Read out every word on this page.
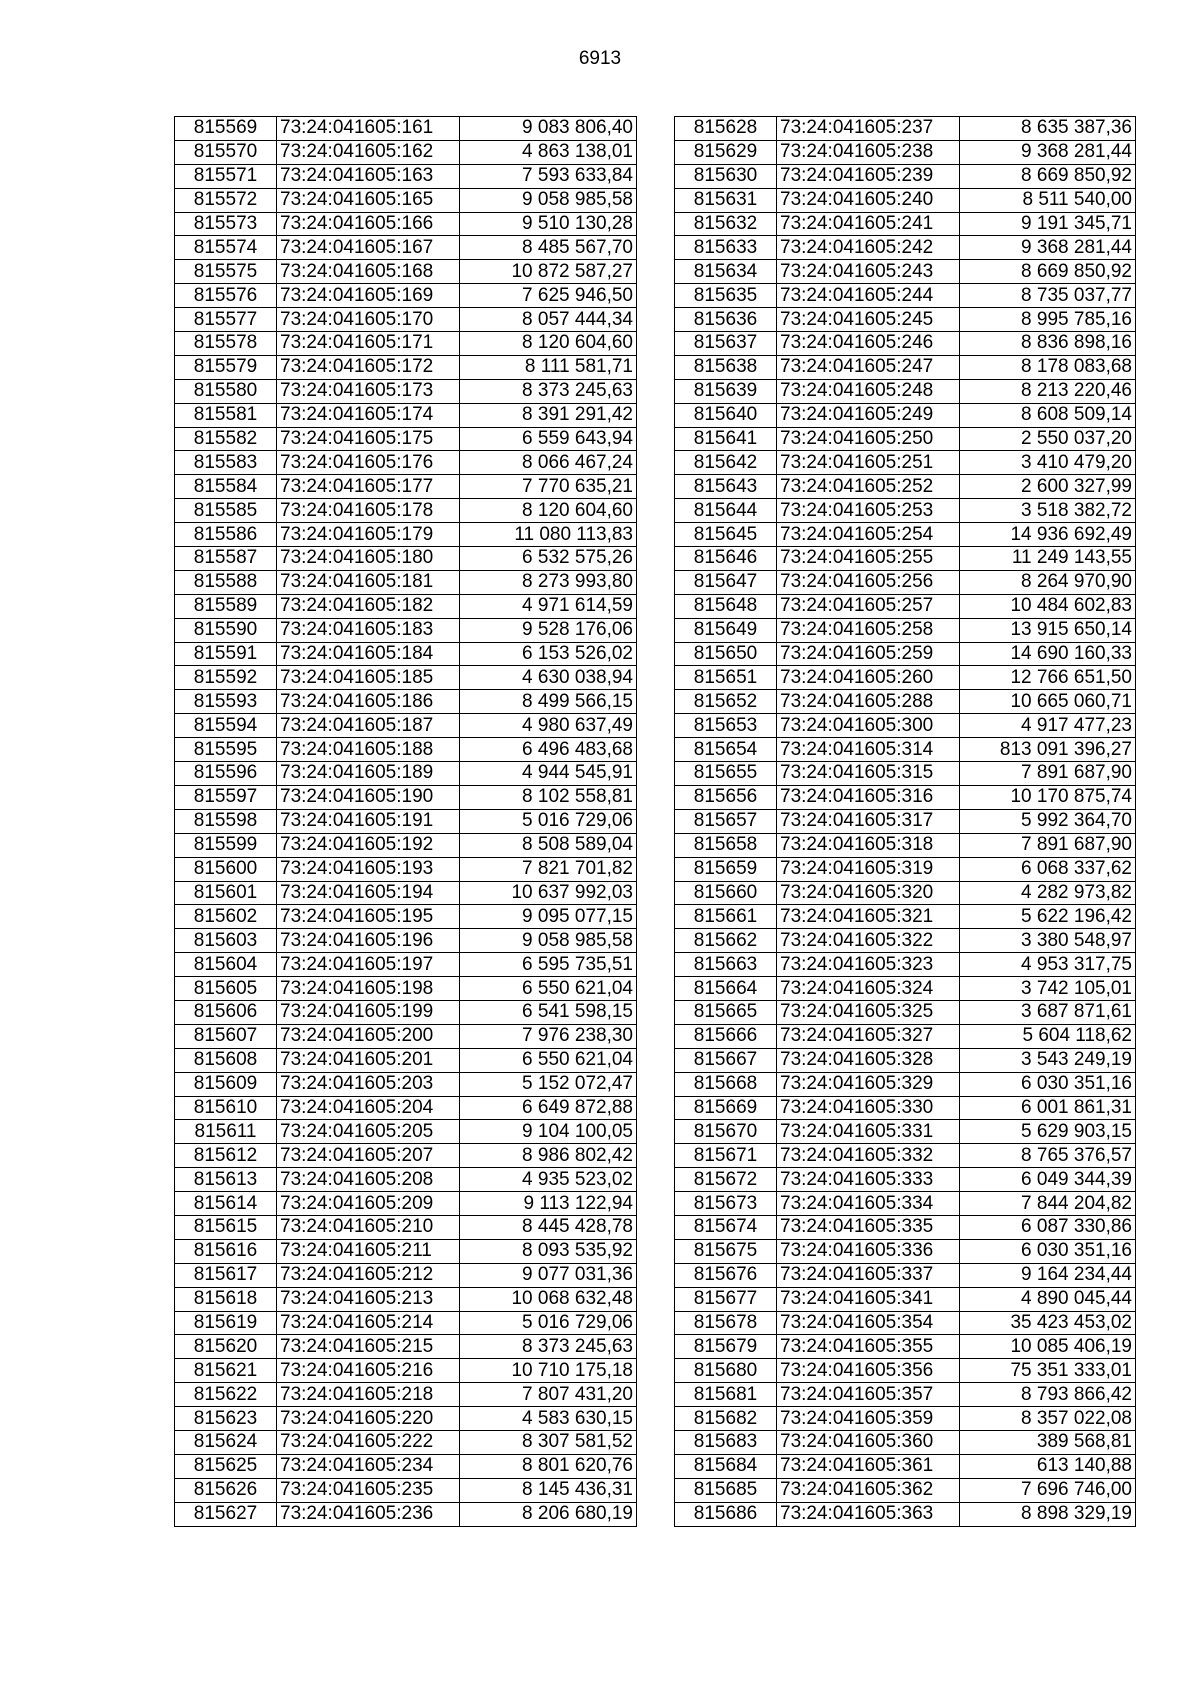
6913
815569	73:24:041605:161	9 083 806,40
815570	73:24:041605:162	4 863 138,01
815571	73:24:041605:163	7 593 633,84
815572	73:24:041605:165	9 058 985,58
815573	73:24:041605:166	9 510 130,28
815574	73:24:041605:167	8 485 567,70
815575	73:24:041605:168	10 872 587,27
815576	73:24:041605:169	7 625 946,50
815577	73:24:041605:170	8 057 444,34
815578	73:24:041605:171	8 120 604,60
815579	73:24:041605:172	8 111 581,71
815580	73:24:041605:173	8 373 245,63
815581	73:24:041605:174	8 391 291,42
815582	73:24:041605:175	6 559 643,94
815583	73:24:041605:176	8 066 467,24
815584	73:24:041605:177	7 770 635,21
815585	73:24:041605:178	8 120 604,60
815586	73:24:041605:179	11 080 113,83
815587	73:24:041605:180	6 532 575,26
815588	73:24:041605:181	8 273 993,80
815589	73:24:041605:182	4 971 614,59
815590	73:24:041605:183	9 528 176,06
815591	73:24:041605:184	6 153 526,02
815592	73:24:041605:185	4 630 038,94
815593	73:24:041605:186	8 499 566,15
815594	73:24:041605:187	4 980 637,49
815595	73:24:041605:188	6 496 483,68
815596	73:24:041605:189	4 944 545,91
815597	73:24:041605:190	8 102 558,81
815598	73:24:041605:191	5 016 729,06
815599	73:24:041605:192	8 508 589,04
815600	73:24:041605:193	7 821 701,82
815601	73:24:041605:194	10 637 992,03
815602	73:24:041605:195	9 095 077,15
815603	73:24:041605:196	9 058 985,58
815604	73:24:041605:197	6 595 735,51
815605	73:24:041605:198	6 550 621,04
815606	73:24:041605:199	6 541 598,15
815607	73:24:041605:200	7 976 238,30
815608	73:24:041605:201	6 550 621,04
815609	73:24:041605:203	5 152 072,47
815610	73:24:041605:204	6 649 872,88
815611	73:24:041605:205	9 104 100,05
815612	73:24:041605:207	8 986 802,42
815613	73:24:041605:208	4 935 523,02
815614	73:24:041605:209	9 113 122,94
815615	73:24:041605:210	8 445 428,78
815616	73:24:041605:211	8 093 535,92
815617	73:24:041605:212	9 077 031,36
815618	73:24:041605:213	10 068 632,48
815619	73:24:041605:214	5 016 729,06
815620	73:24:041605:215	8 373 245,63
815621	73:24:041605:216	10 710 175,18
815622	73:24:041605:218	7 807 431,20
815623	73:24:041605:220	4 583 630,15
815624	73:24:041605:222	8 307 581,52
815625	73:24:041605:234	8 801 620,76
815626	73:24:041605:235	8 145 436,31
815627	73:24:041605:236	8 206 680,19
815628	73:24:041605:237	8 635 387,36
815629	73:24:041605:238	9 368 281,44
815630	73:24:041605:239	8 669 850,92
815631	73:24:041605:240	8 511 540,00
815632	73:24:041605:241	9 191 345,71
815633	73:24:041605:242	9 368 281,44
815634	73:24:041605:243	8 669 850,92
815635	73:24:041605:244	8 735 037,77
815636	73:24:041605:245	8 995 785,16
815637	73:24:041605:246	8 836 898,16
815638	73:24:041605:247	8 178 083,68
815639	73:24:041605:248	8 213 220,46
815640	73:24:041605:249	8 608 509,14
815641	73:24:041605:250	2 550 037,20
815642	73:24:041605:251	3 410 479,20
815643	73:24:041605:252	2 600 327,99
815644	73:24:041605:253	3 518 382,72
815645	73:24:041605:254	14 936 692,49
815646	73:24:041605:255	11 249 143,55
815647	73:24:041605:256	8 264 970,90
815648	73:24:041605:257	10 484 602,83
815649	73:24:041605:258	13 915 650,14
815650	73:24:041605:259	14 690 160,33
815651	73:24:041605:260	12 766 651,50
815652	73:24:041605:288	10 665 060,71
815653	73:24:041605:300	4 917 477,23
815654	73:24:041605:314	813 091 396,27
815655	73:24:041605:315	7 891 687,90
815656	73:24:041605:316	10 170 875,74
815657	73:24:041605:317	5 992 364,70
815658	73:24:041605:318	7 891 687,90
815659	73:24:041605:319	6 068 337,62
815660	73:24:041605:320	4 282 973,82
815661	73:24:041605:321	5 622 196,42
815662	73:24:041605:322	3 380 548,97
815663	73:24:041605:323	4 953 317,75
815664	73:24:041605:324	3 742 105,01
815665	73:24:041605:325	3 687 871,61
815666	73:24:041605:327	5 604 118,62
815667	73:24:041605:328	3 543 249,19
815668	73:24:041605:329	6 030 351,16
815669	73:24:041605:330	6 001 861,31
815670	73:24:041605:331	5 629 903,15
815671	73:24:041605:332	8 765 376,57
815672	73:24:041605:333	6 049 344,39
815673	73:24:041605:334	7 844 204,82
815674	73:24:041605:335	6 087 330,86
815675	73:24:041605:336	6 030 351,16
815676	73:24:041605:337	9 164 234,44
815677	73:24:041605:341	4 890 045,44
815678	73:24:041605:354	35 423 453,02
815679	73:24:041605:355	10 085 406,19
815680	73:24:041605:356	75 351 333,01
815681	73:24:041605:357	8 793 866,42
815682	73:24:041605:359	8 357 022,08
815683	73:24:041605:360	389 568,81
815684	73:24:041605:361	613 140,88
815685	73:24:041605:362	7 696 746,00
815686	73:24:041605:363	8 898 329,19
